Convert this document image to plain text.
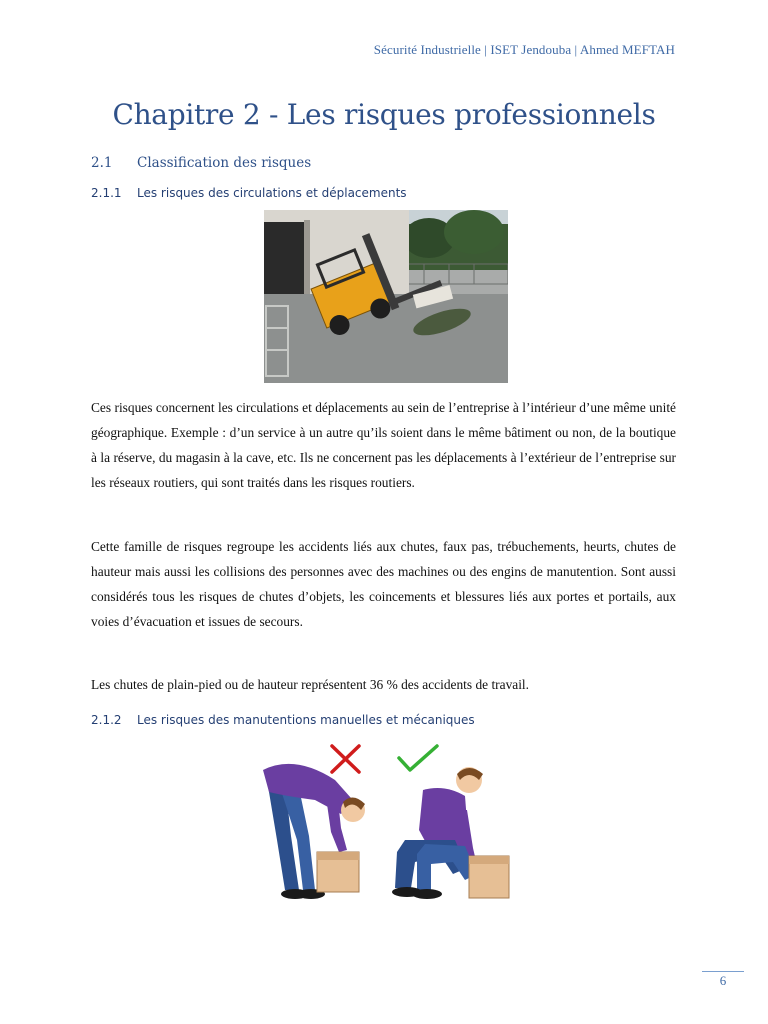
Sécurité Industrielle | ISET Jendouba | Ahmed MEFTAH
Chapitre 2 - Les risques professionnels
2.1 Classification des risques
2.1.1 Les risques des circulations et déplacements

Ces risques concernent les circulations et déplacements au sein de l’entreprise à l’intérieur d’une même unité géographique. Exemple : d’un service à un autre qu’ils soient dans le même bâtiment ou non, de la boutique à la réserve, du magasin à la cave, etc. Ils ne concernent pas les déplacements à l’extérieur de l’entreprise sur les réseaux routiers, qui sont traités dans les risques routiers.

Cette famille de risques regroupe les accidents liés aux chutes, faux pas, trébuchements, heurts, chutes de hauteur mais aussi les collisions des personnes avec des machines ou des engins de manutention. Sont aussi considérés tous les risques de chutes d’objets, les coincements et blessures liés aux portes et portails, aux voies d’évacuation et issues de secours.

Les chutes de plain-pied ou de hauteur représentent 36 % des accidents de travail.

2.1.2 Les risques des manutentions manuelles et mécaniques
6
